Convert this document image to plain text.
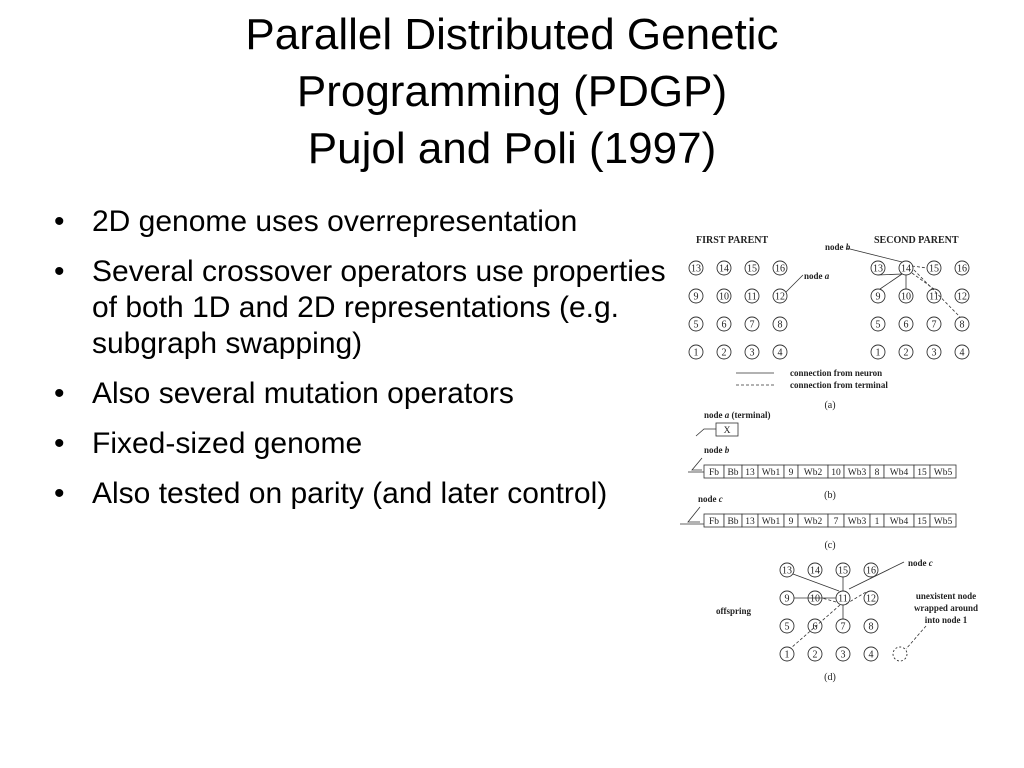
Parallel Distributed Genetic
Programming (PDGP)
Pujol and Poli (1997)
• 2D genome uses overrepresentation
• Several crossover operators use properties of both 1D and 2D representations (e.g. subgraph swapping)
• Also several mutation operators
• Fixed-sized genome
• Also tested on parity (and later control)
FIRST PARENT	SECOND PARENT
node b
node a
13 14 15 16
9 10 11 12
5 6 7 8
1 2 3 4
13 14 15 16
9 10 11 12
5 6 7 8
1 2 3 4
connection from neuron
connection from terminal
(a)
node a (terminal)
X
node b
Fb Bb 13 Wb1 9 Wb2 10 Wb3 8 Wb4 15 Wb5
(b)
node c
Fb Bb 13 Wb1 9 Wb2 7 Wb3 1 Wb4 15 Wb5
(c)
node c
offspring
unexistent node
wrapped around
into node 1
13 14 15 16
9 10 11 12
5 6 7 8
1 2 3 4
(d)
